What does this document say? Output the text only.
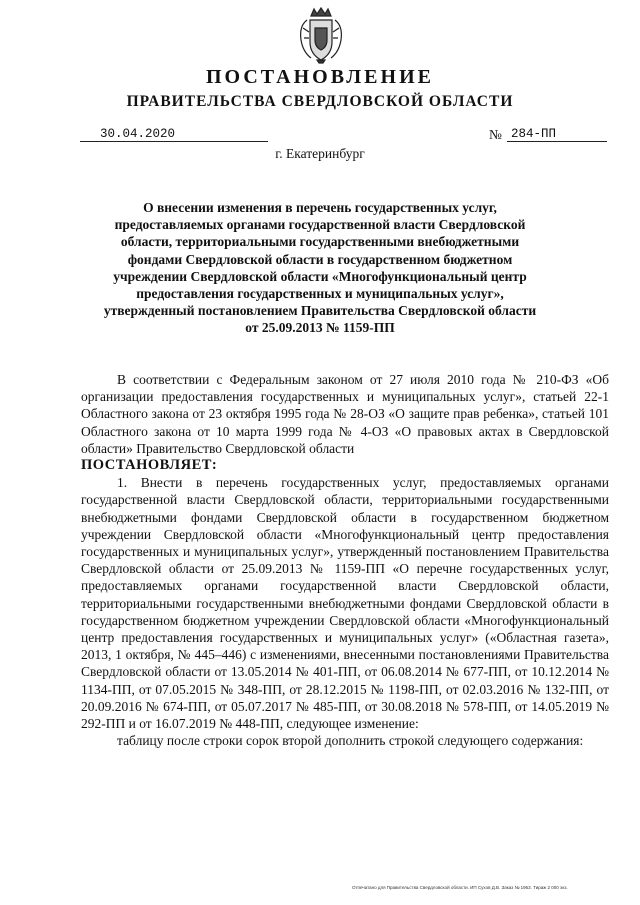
ПОСТАНОВЛЕНИЕ
ПРАВИТЕЛЬСТВА СВЕРДЛОВСКОЙ ОБЛАСТИ
30.04.2020	№ 284-ПП
г. Екатеринбург
О внесении изменения в перечень государственных услуг, предоставляемых органами государственной власти Свердловской области, территориальными государственными внебюджетными фондами Свердловской области в государственном бюджетном учреждении Свердловской области «Многофункциональный центр предоставления государственных и муниципальных услуг», утвержденный постановлением Правительства Свердловской области от 25.09.2013 № 1159-ПП

В соответствии с Федеральным законом от 27 июля 2010 года № 210-ФЗ «Об организации предоставления государственных и муниципальных услуг», статьей 22-1 Областного закона от 23 октября 1995 года № 28-ОЗ «О защите прав ребенка», статьей 101 Областного закона от 10 марта 1999 года № 4-ОЗ «О правовых актах в Свердловской области» Правительство Свердловской области

ПОСТАНОВЛЯЕТ:

1. Внести в перечень государственных услуг, предоставляемых органами государственной власти Свердловской области, территориальными государственными внебюджетными фондами Свердловской области в государственном бюджетном учреждении Свердловской области «Многофункциональный центр предоставления государственных и муниципальных услуг», утвержденный постановлением Правительства Свердловской области от 25.09.2013 № 1159-ПП «О перечне государственных услуг, предоставляемых органами государственной власти Свердловской области, территориальными государственными внебюджетными фондами Свердловской области в государственном бюджетном учреждении Свердловской области «Многофункциональный центр предоставления государственных и муниципальных услуг» («Областная газета», 2013, 1 октября, № 445–446) с изменениями, внесенными постановлениями Правительства Свердловской области от 13.05.2014 № 401-ПП, от 06.08.2014 № 677-ПП, от 10.12.2014 № 1134-ПП, от 07.05.2015 № 348-ПП, от 28.12.2015 № 1198-ПП, от 02.03.2016 № 132-ПП, от 20.09.2016 № 674-ПП, от 05.07.2017 № 485-ПП, от 30.08.2018 № 578-ПП, от 14.05.2019 № 292-ПП и от 16.07.2019 № 448-ПП, следующее изменение:

таблицу после строки сорок второй дополнить строкой следующего содержания:

Отпечатано для Правительства Свердловской области. ИП Сухов Д.В. Заказ № 1963. Тираж 2 000 экз.
